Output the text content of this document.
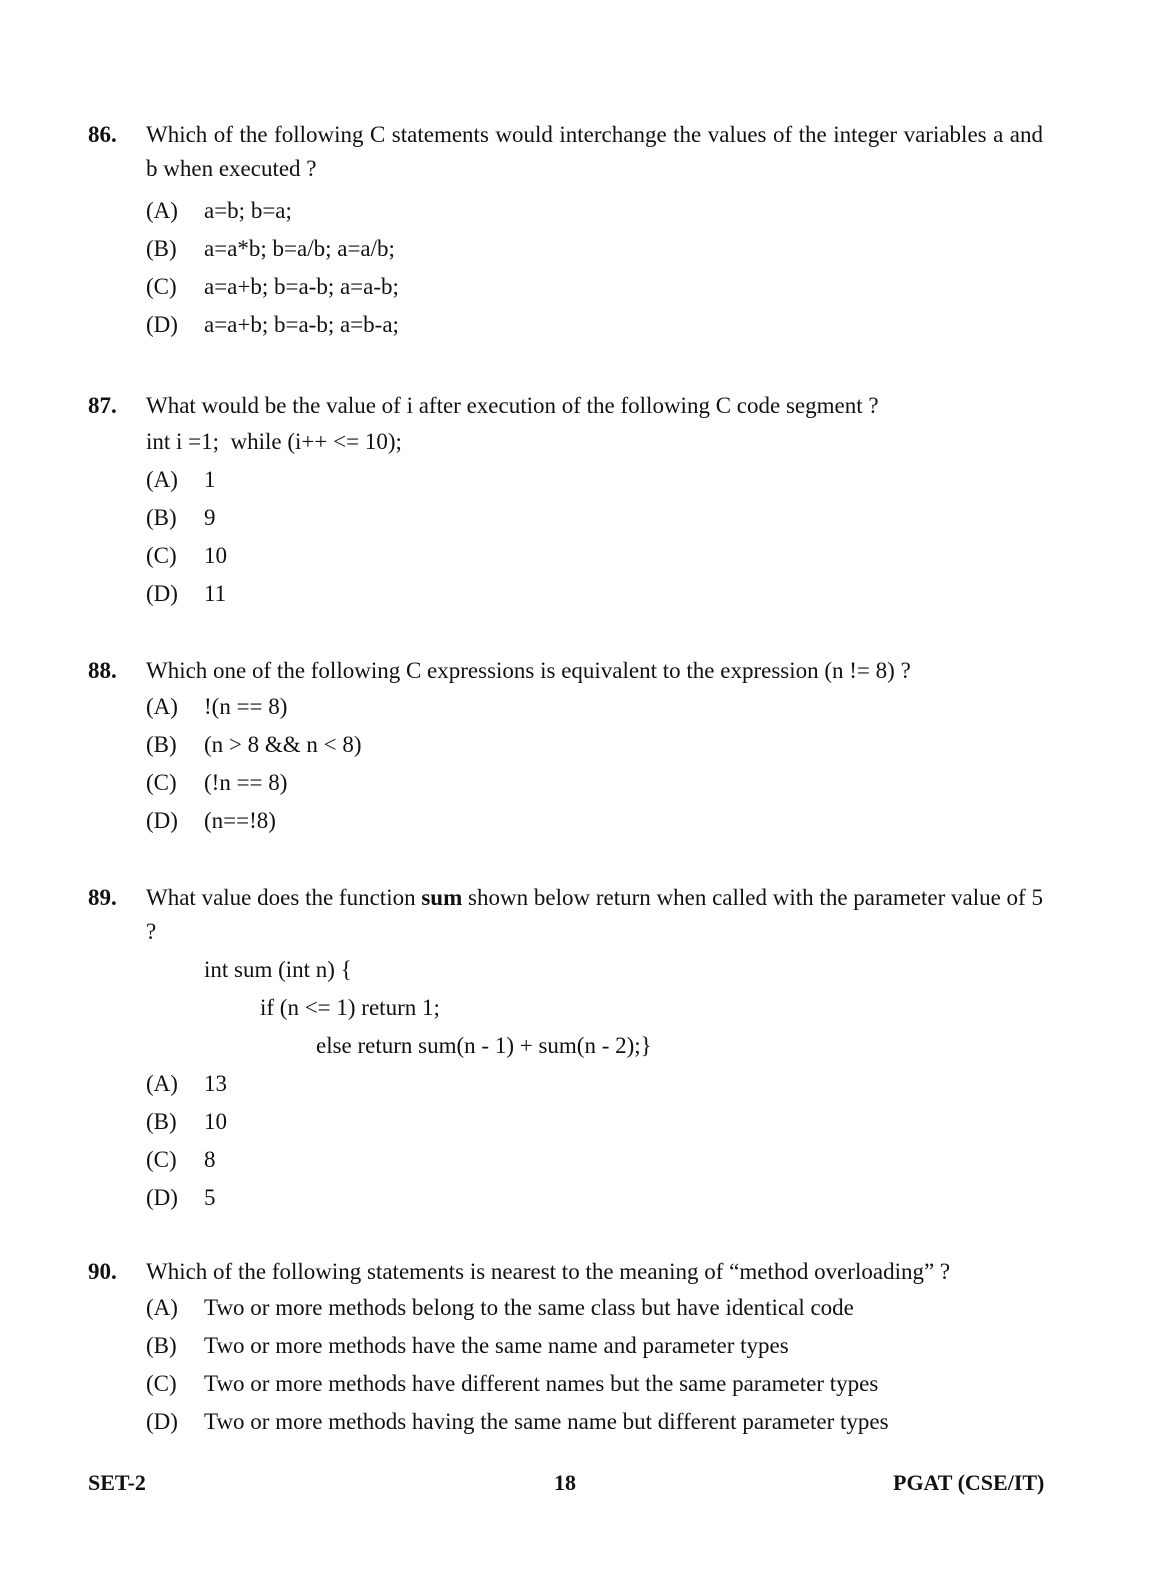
86.	Which of the following C statements would interchange the values of the integer variables a and b when executed ?
(A)	a=b; b=a;
(B)	a=a*b; b=a/b; a=a/b;
(C)	a=a+b; b=a-b; a=a-b;
(D)	a=a+b; b=a-b; a=b-a;
87.	What would be the value of i after execution of the following C code segment ?
int i =1;  while (i++ <= 10);
(A)	1
(B)	9
(C)	10
(D)	11
88.	Which one of the following C expressions is equivalent to the expression (n != 8) ?
(A)	!(n == 8)
(B)	(n > 8 && n < 8)
(C)	(!n == 8)
(D)	(n==!8)
89.	What value does the function sum shown below return when called with the parameter value of 5 ?
int sum (int n) {
if (n <= 1) return 1;
else return sum(n - 1) + sum(n - 2);}
(A)	13
(B)	10
(C)	8
(D)	5
90.	Which of the following statements is nearest to the meaning of “method overloading” ?
(A)	Two or more methods belong to the same class but have identical code
(B)	Two or more methods have the same name and parameter types
(C)	Two or more methods have different names but the same parameter types
(D)	Two or more methods having the same name but different parameter types
SET-2	18	PGAT (CSE/IT)
